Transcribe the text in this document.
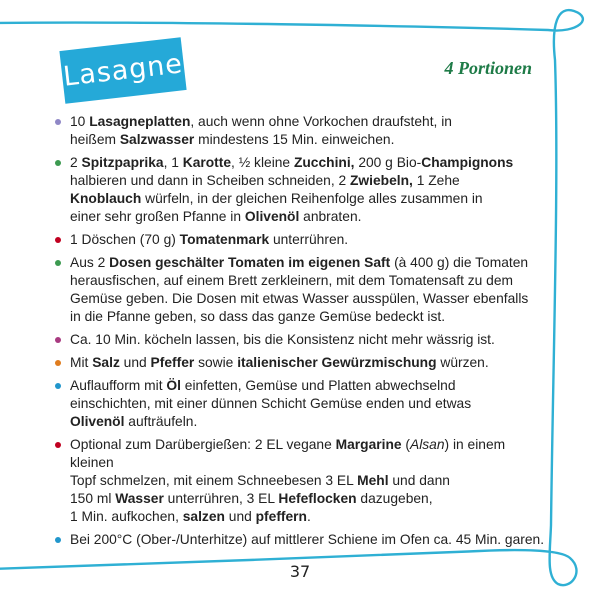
Lasagne	4 Portionen
10 Lasagneplatten, auch wenn ohne Vorkochen draufsteht, in
heißem Salzwasser mindestens 15 Min. einweichen.
2 Spitzpaprika, 1 Karotte, ½ kleine Zucchini, 200 g Bio-Champignons
halbieren und dann in Scheiben schneiden, 2 Zwiebeln, 1 Zehe
Knoblauch würfeln, in der gleichen Reihenfolge alles zusammen in
einer sehr großen Pfanne in Olivenöl anbraten.
1 Döschen (70 g) Tomatenmark unterrühren.
Aus 2 Dosen geschälter Tomaten im eigenen Saft (à 400 g) die Tomaten
herausfischen, auf einem Brett zerkleinern, mit dem Tomatensaft zu dem
Gemüse geben. Die Dosen mit etwas Wasser ausspülen, Wasser ebenfalls
in die Pfanne geben, so dass das ganze Gemüse bedeckt ist.
Ca. 10 Min. köcheln lassen, bis die Konsistenz nicht mehr wässrig ist.
Mit Salz und Pfeffer sowie italienischer Gewürzmischung würzen.
Auflaufform mit Öl einfetten, Gemüse und Platten abwechselnd
einschichten, mit einer dünnen Schicht Gemüse enden und etwas
Olivenöl aufträufeln.
Optional zum Darübergießen: 2 EL vegane Margarine (Alsan) in einem kleinen
Topf schmelzen, mit einem Schneebesen 3 EL Mehl und dann
150 ml Wasser unterrühren, 3 EL Hefeflocken dazugeben,
1 Min. aufkochen, salzen und pfeffern.
Bei 200°C (Ober-/Unterhitze) auf mittlerer Schiene im Ofen ca. 45 Min. garen.
37
